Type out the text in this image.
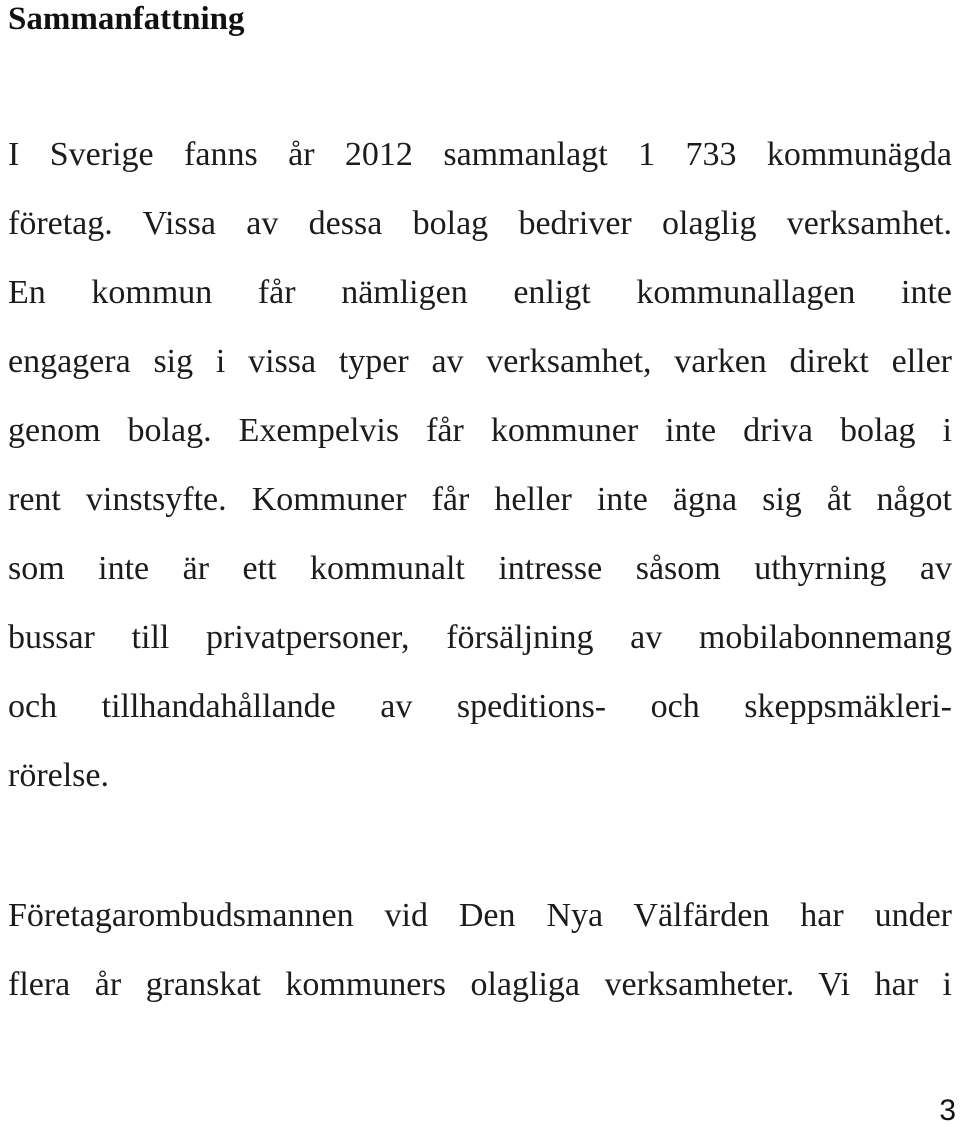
Sammanfattning
I Sverige fanns år 2012 sammanlagt 1 733 kommunägda
företag. Vissa av dessa bolag bedriver olaglig verksamhet.
En kommun får nämligen enligt kommunallagen inte
engagera sig i vissa typer av verksamhet, varken direkt eller
genom bolag. Exempelvis får kommuner inte driva bolag i
rent vinstsyfte. Kommuner får heller inte ägna sig åt något
som inte är ett kommunalt intresse såsom uthyrning av
bussar till privatpersoner, försäljning av mobilabonnemang
och tillhandahållande av speditions- och skeppsmäkleri-
rörelse.
Företagarombudsmannen vid Den Nya Välfärden har under
flera år granskat kommuners olagliga verksamheter. Vi har i
3
